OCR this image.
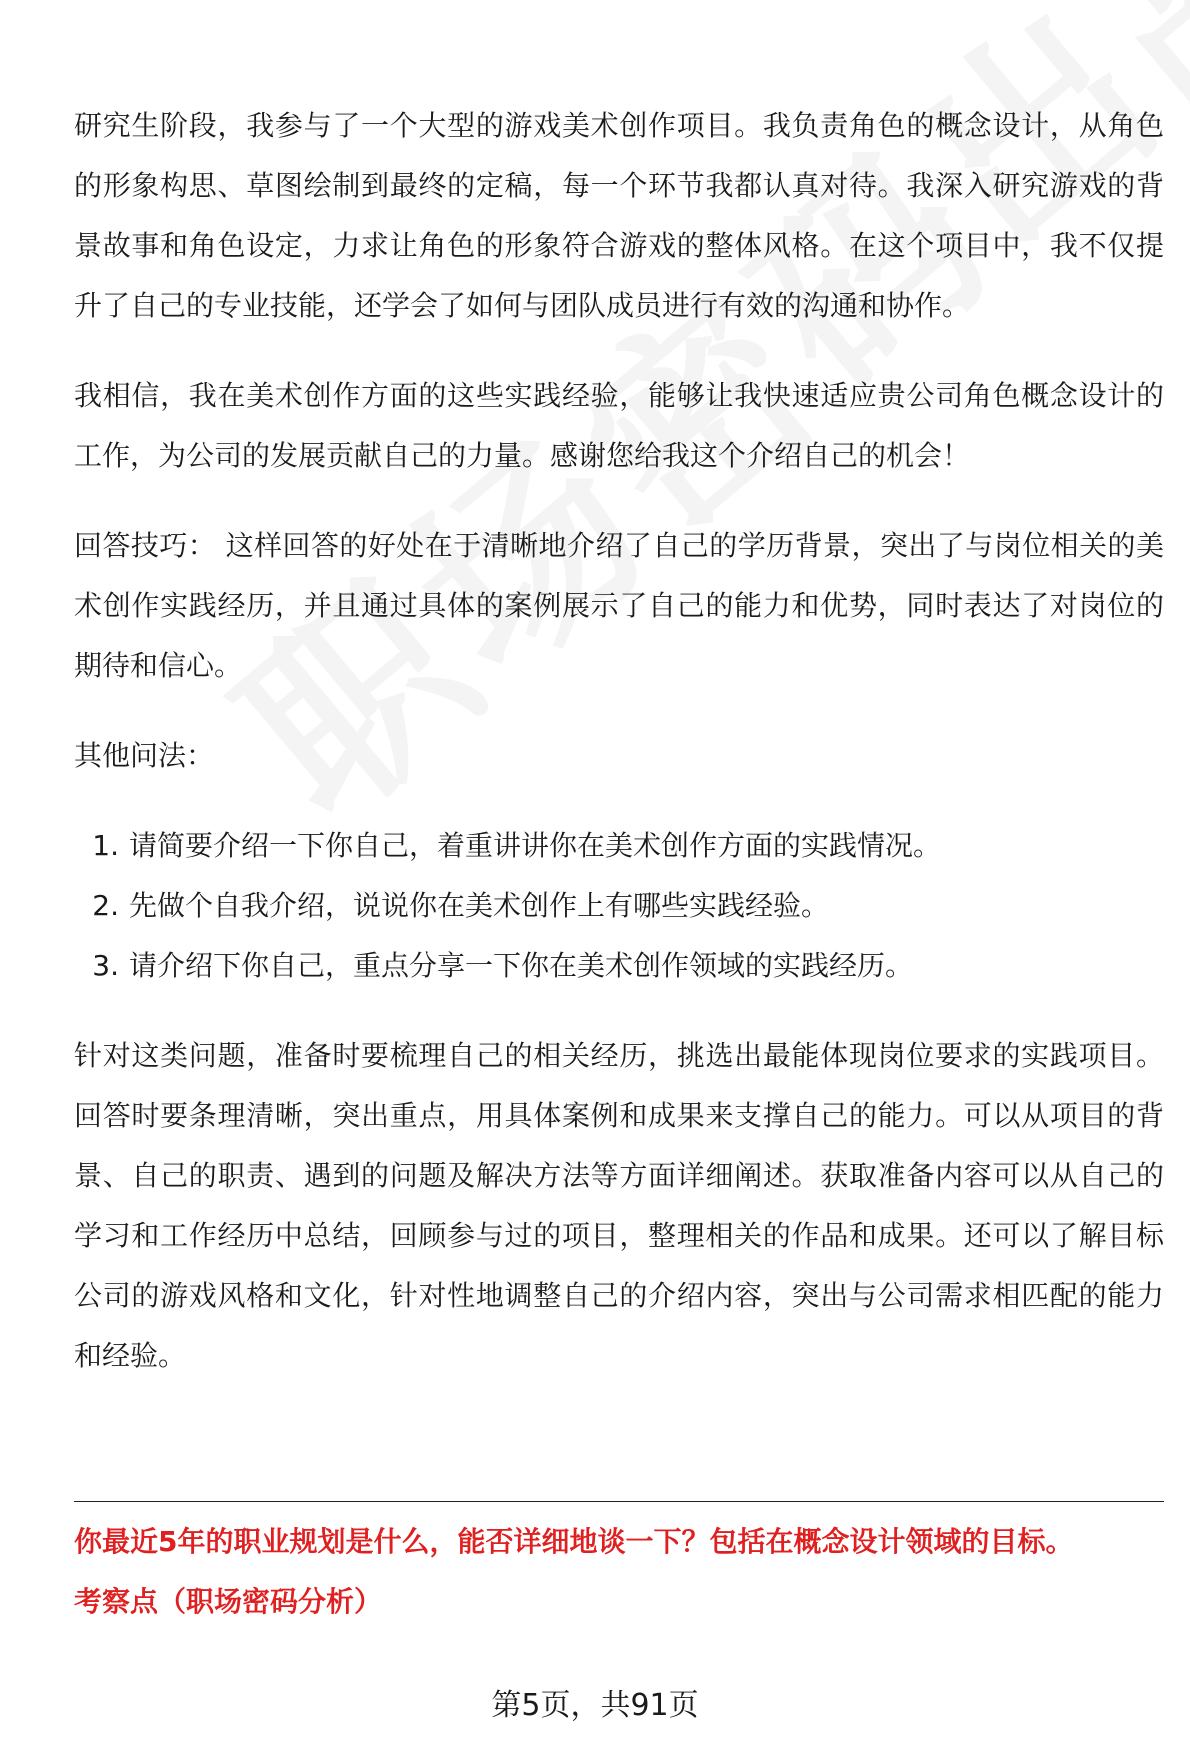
研究生阶段，我参与了一个大型的游戏美术创作项目。我负责角色的概念设计，从角色的形象构思、草图绘制到最终的定稿，每一个环节我都认真对待。我深入研究游戏的背景故事和角色设定，力求让角色的形象符合游戏的整体风格。在这个项目中，我不仅提升了自己的专业技能，还学会了如何与团队成员进行有效的沟通和协作。

我相信，我在美术创作方面的这些实践经验，能够让我快速适应贵公司角色概念设计的工作，为公司的发展贡献自己的力量。感谢您给我这个介绍自己的机会！

回答技巧： 这样回答的好处在于清晰地介绍了自己的学历背景，突出了与岗位相关的美术创作实践经历，并且通过具体的案例展示了自己的能力和优势，同时表达了对岗位的期待和信心。

其他问法：

1. 请简要介绍一下你自己，着重讲讲你在美术创作方面的实践情况。
2. 先做个自我介绍，说说你在美术创作上有哪些实践经验。
3. 请介绍下你自己，重点分享一下你在美术创作领域的实践经历。

针对这类问题，准备时要梳理自己的相关经历，挑选出最能体现岗位要求的实践项目。回答时要条理清晰，突出重点，用具体案例和成果来支撑自己的能力。可以从项目的背景、自己的职责、遇到的问题及解决方法等方面详细阐述。获取准备内容可以从自己的学习和工作经历中总结，回顾参与过的项目，整理相关的作品和成果。还可以了解目标公司的游戏风格和文化，针对性地调整自己的介绍内容，突出与公司需求相匹配的能力和经验。

你最近5年的职业规划是什么，能否详细地谈一下？包括在概念设计领域的目标。
考察点（职场密码分析）
第5页，共91页
